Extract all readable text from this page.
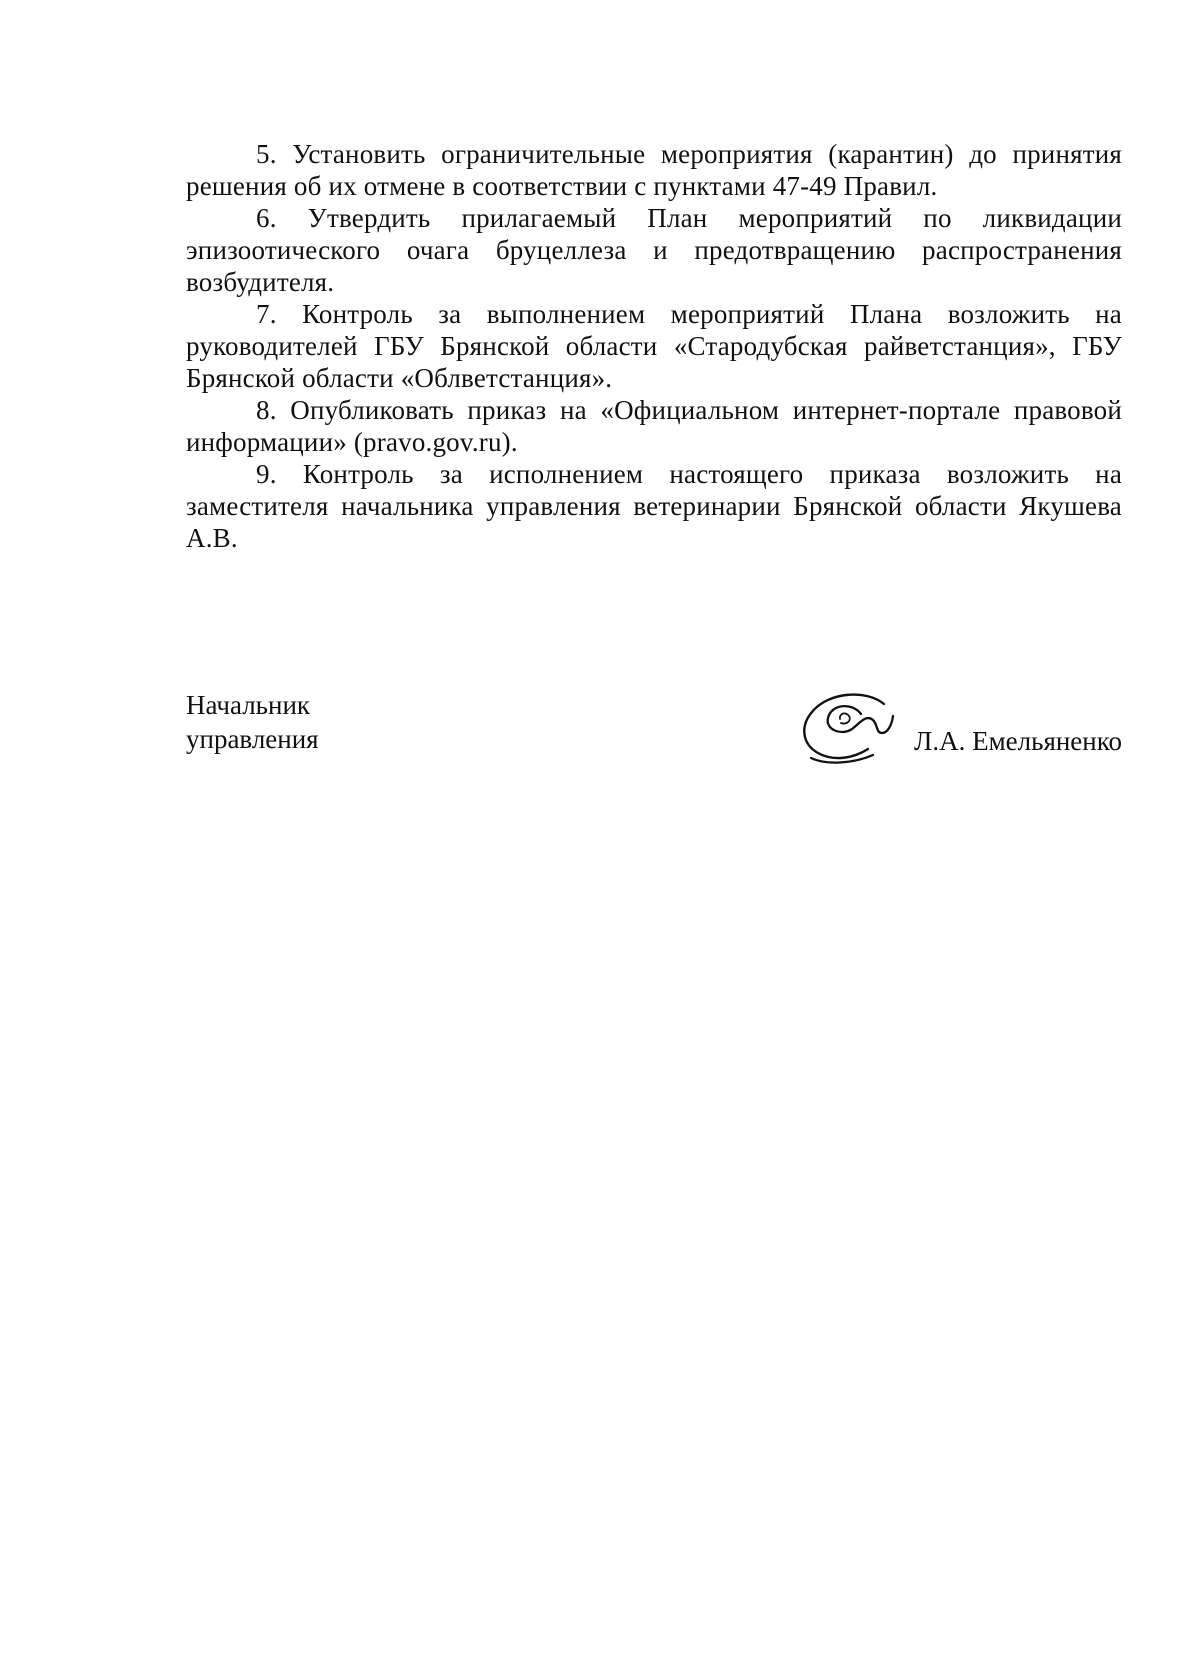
5. Установить ограничительные мероприятия (карантин) до принятия решения об их отмене в соответствии с пунктами 47-49 Правил.

6. Утвердить прилагаемый План мероприятий по ликвидации эпизоотического очага бруцеллеза и предотвращению распространения возбудителя.

7. Контроль за выполнением мероприятий Плана возложить на руководителей ГБУ Брянской области «Стародубская райветстанция», ГБУ Брянской области «Облветстанция».

8. Опубликовать приказ на «Официальном интернет-портале правовой информации» (pravo.gov.ru).

9. Контроль за исполнением настоящего приказа возложить на заместителя начальника управления ветеринарии Брянской области Якушева А.В.

Начальник
управления	Л.А. Емельяненко
